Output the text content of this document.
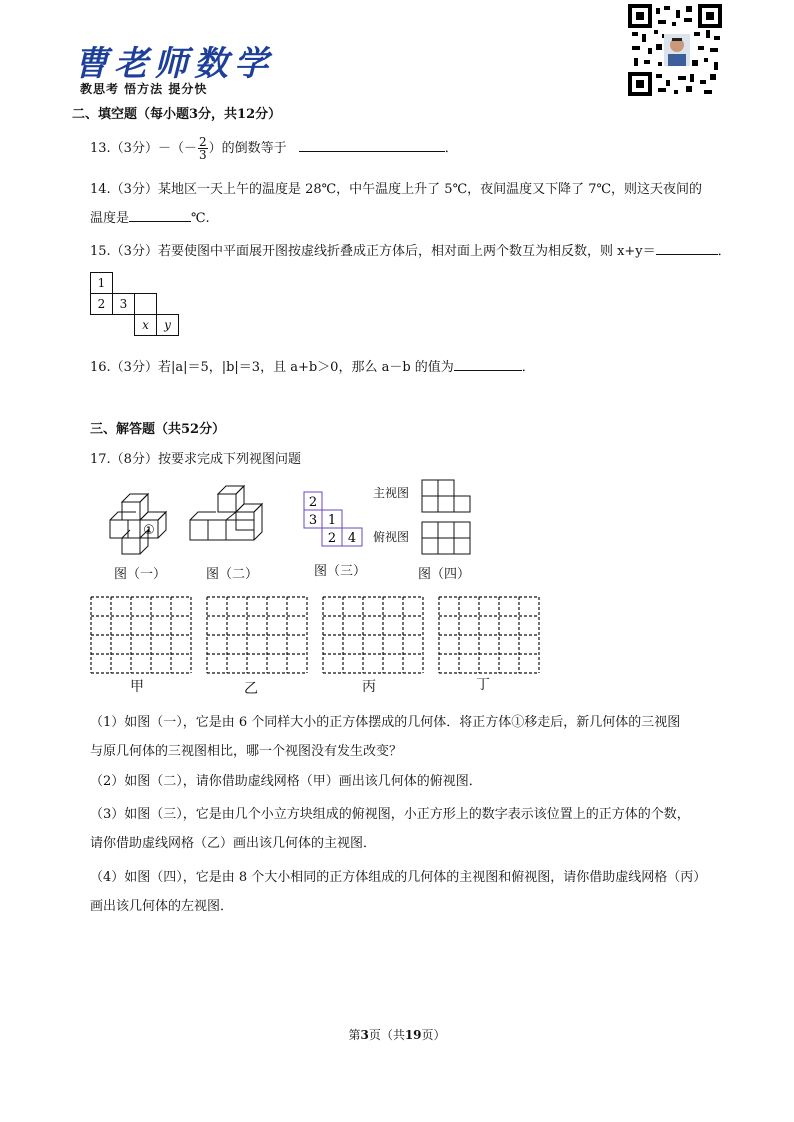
曹老师数学
教思考 悟方法 提分快
二、填空题（每小题3分，共12分）
13.（3分）－（－ $\frac{2}{3}$ ）的倒数等于	．
14.（3分）某地区一天上午的温度是 28℃，中午温度上升了 5℃，夜间温度又下降了 7℃，则这天夜间的
温度是	℃.
15.（3分）若要使图中平面展开图按虚线折叠成正方体后，相对面上两个数互为相反数，则 x+y＝	．
1
2	3
x	y
16.（3分）若|a|＝5，|b|＝3，且 a+b＞0，那么 a－b 的值为	．
三、解答题（共52分）
17.（8分）按要求完成下列视图问题
①
2
3 1
2 4
主视图
俯视图
图（一）	图（二）	图（三）	图（四）
甲	乙	丙	丁
（1）如图（一），它是由 6 个同样大小的正方体摆成的几何体．将正方体①移走后，新几何体的三视图
与原几何体的三视图相比，哪一个视图没有发生改变？
（2）如图（二），请你借助虚线网格（甲）画出该几何体的俯视图．
（3）如图（三），它是由几个小立方块组成的俯视图，小正方形上的数字表示该位置上的正方体的个数，
请你借助虚线网格（乙）画出该几何体的主视图．
（4）如图（四），它是由 8 个大小相同的正方体组成的几何体的主视图和俯视图，请你借助虚线网格（丙）
画出该几何体的左视图．
第3页（共19页）
